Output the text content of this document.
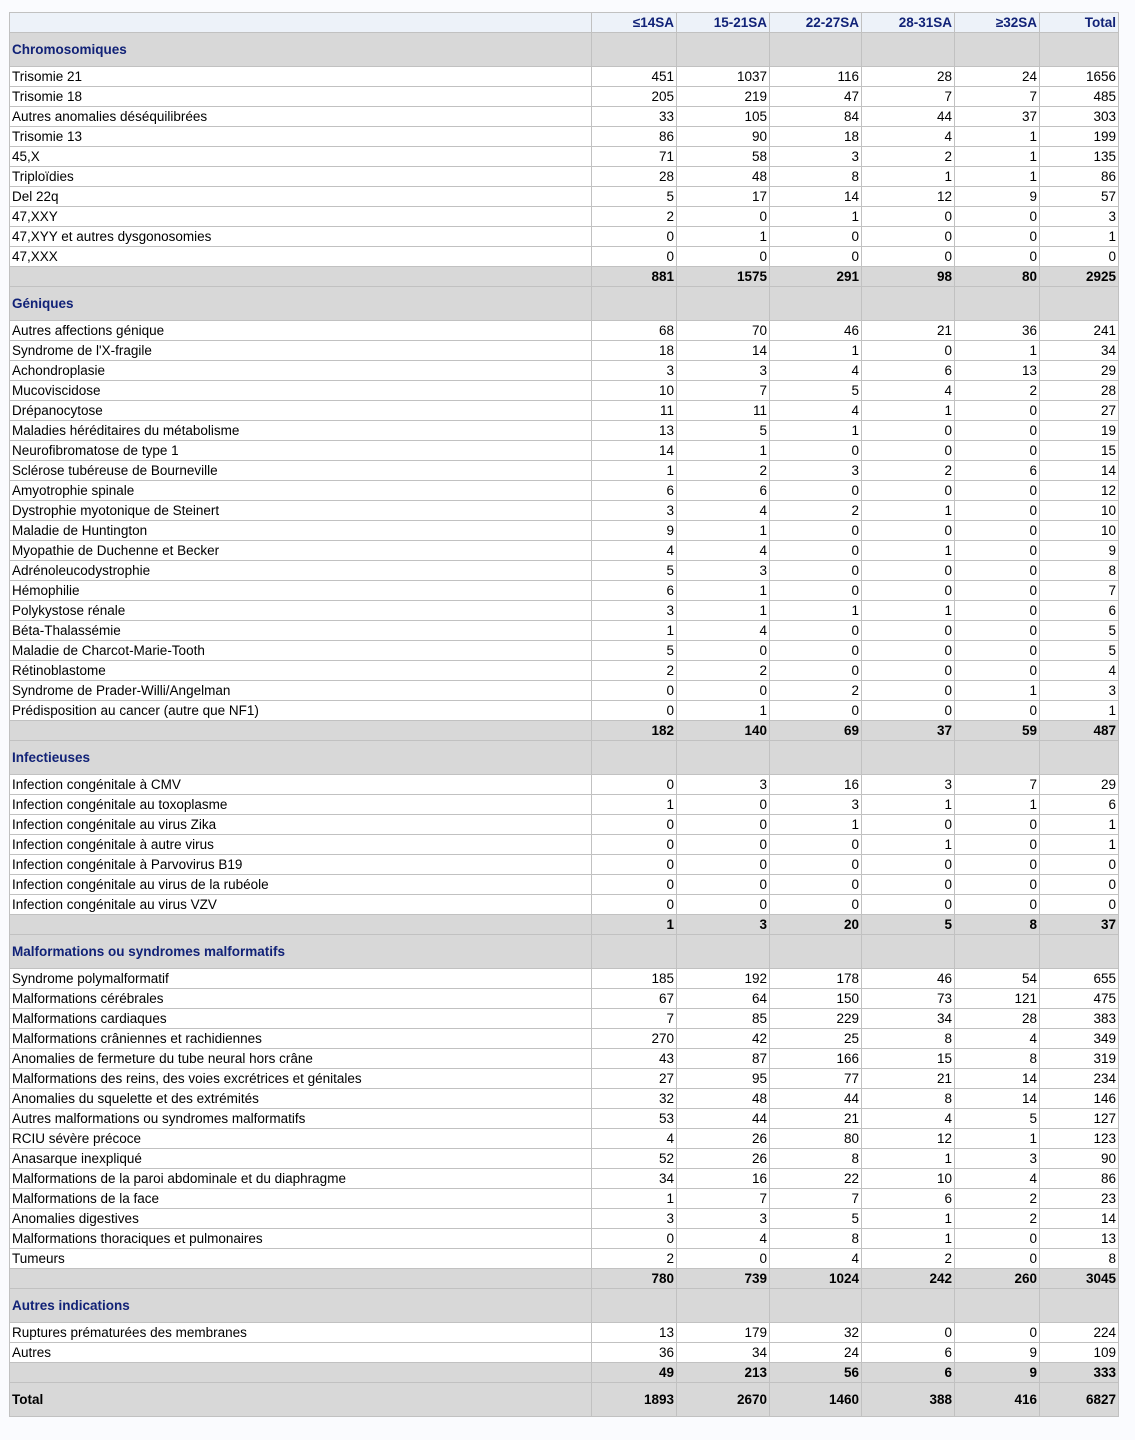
	≤14SA	15-21SA	22-27SA	28-31SA	≥32SA	Total
Chromosomiques						
Trisomie 21	451	1037	116	28	24	1656
Trisomie 18	205	219	47	7	7	485
Autres anomalies déséquilibrées	33	105	84	44	37	303
Trisomie 13	86	90	18	4	1	199
45,X	71	58	3	2	1	135
Triploïdies	28	48	8	1	1	86
Del 22q	5	17	14	12	9	57
47,XXY	2	0	1	0	0	3
47,XYY et autres dysgonosomies	0	1	0	0	0	1
47,XXX	0	0	0	0	0	0
	881	1575	291	98	80	2925
Géniques						
Autres affections génique	68	70	46	21	36	241
Syndrome de l'X-fragile	18	14	1	0	1	34
Achondroplasie	3	3	4	6	13	29
Mucoviscidose	10	7	5	4	2	28
Drépanocytose	11	11	4	1	0	27
Maladies héréditaires du métabolisme	13	5	1	0	0	19
Neurofibromatose de type 1	14	1	0	0	0	15
Sclérose tubéreuse de Bourneville	1	2	3	2	6	14
Amyotrophie spinale	6	6	0	0	0	12
Dystrophie myotonique de Steinert	3	4	2	1	0	10
Maladie de Huntington	9	1	0	0	0	10
Myopathie de Duchenne et Becker	4	4	0	1	0	9
Adrénoleucodystrophie	5	3	0	0	0	8
Hémophilie	6	1	0	0	0	7
Polykystose rénale	3	1	1	1	0	6
Béta-Thalassémie	1	4	0	0	0	5
Maladie de Charcot-Marie-Tooth	5	0	0	0	0	5
Rétinoblastome	2	2	0	0	0	4
Syndrome de Prader-Willi/Angelman	0	0	2	0	1	3
Prédisposition au cancer (autre que NF1)	0	1	0	0	0	1
	182	140	69	37	59	487
Infectieuses						
Infection congénitale à CMV	0	3	16	3	7	29
Infection congénitale au toxoplasme	1	0	3	1	1	6
Infection congénitale au virus Zika	0	0	1	0	0	1
Infection congénitale à autre virus	0	0	0	1	0	1
Infection congénitale à Parvovirus B19	0	0	0	0	0	0
Infection congénitale au virus de la rubéole	0	0	0	0	0	0
Infection congénitale au virus VZV	0	0	0	0	0	0
	1	3	20	5	8	37
Malformations ou syndromes malformatifs						
Syndrome polymalformatif	185	192	178	46	54	655
Malformations cérébrales	67	64	150	73	121	475
Malformations cardiaques	7	85	229	34	28	383
Malformations crâniennes et rachidiennes	270	42	25	8	4	349
Anomalies de fermeture du tube neural hors crâne	43	87	166	15	8	319
Malformations des reins, des voies excrétrices et génitales	27	95	77	21	14	234
Anomalies du squelette et des extrémités	32	48	44	8	14	146
Autres malformations ou syndromes malformatifs	53	44	21	4	5	127
RCIU sévère précoce	4	26	80	12	1	123
Anasarque inexpliqué	52	26	8	1	3	90
Malformations de la paroi abdominale et du diaphragme	34	16	22	10	4	86
Malformations de la face	1	7	7	6	2	23
Anomalies digestives	3	3	5	1	2	14
Malformations thoraciques et pulmonaires	0	4	8	1	0	13
Tumeurs	2	0	4	2	0	8
	780	739	1024	242	260	3045
Autres indications						
Ruptures prématurées des membranes	13	179	32	0	0	224
Autres	36	34	24	6	9	109
	49	213	56	6	9	333
Total	1893	2670	1460	388	416	6827
